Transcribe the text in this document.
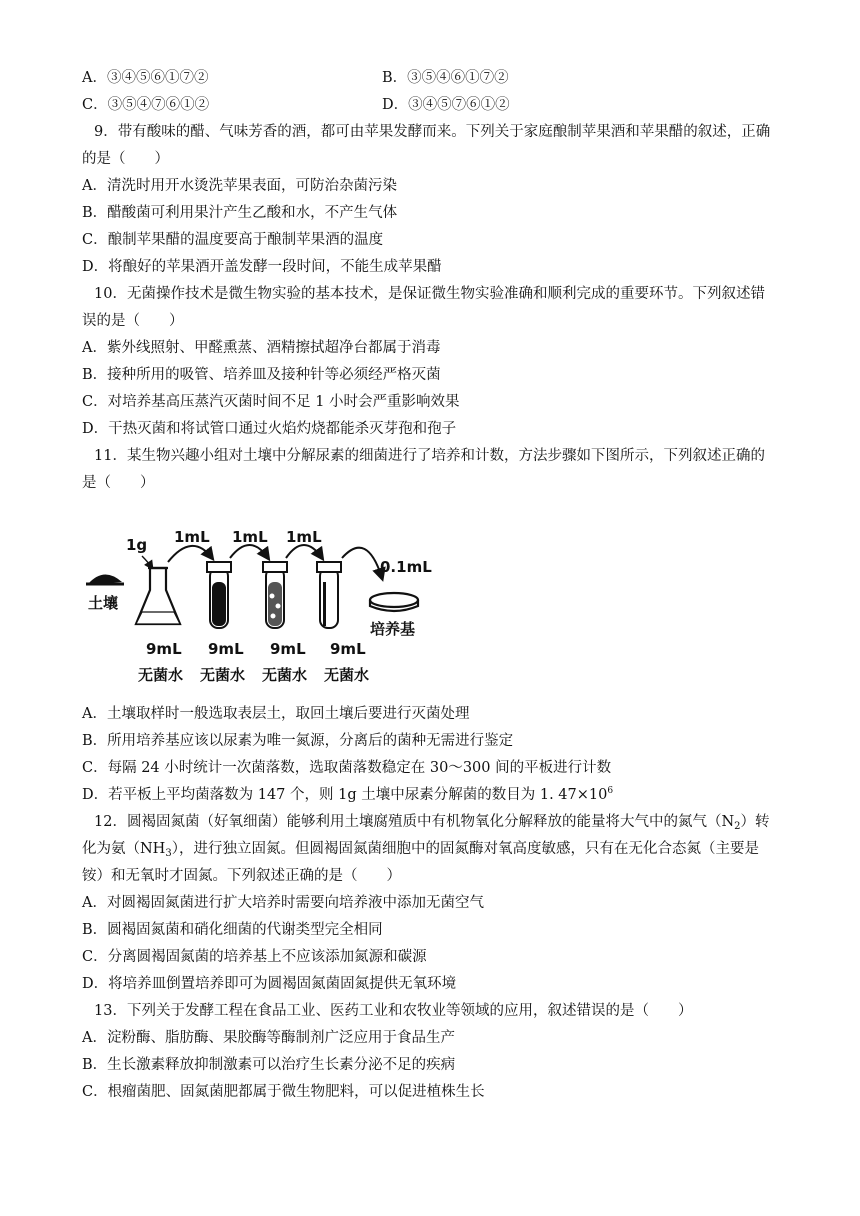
A．③④⑤⑥①⑦②	B．③⑤④⑥①⑦②
C．③⑤④⑦⑥①②	D．③④⑤⑦⑥①②
9．带有酸味的醋、气味芳香的酒，都可由苹果发酵而来。下列关于家庭酿制苹果酒和苹果醋的叙述，正确
的是（　　）
A．清洗时用开水烫洗苹果表面，可防治杂菌污染
B．醋酸菌可利用果汁产生乙酸和水，不产生气体
C．酿制苹果醋的温度要高于酿制苹果酒的温度
D．将酿好的苹果酒开盖发酵一段时间，不能生成苹果醋
10．无菌操作技术是微生物实验的基本技术，是保证微生物实验准确和顺利完成的重要环节。下列叙述错
误的是（　　）
A．紫外线照射、甲醛熏蒸、酒精擦拭超净台都属于消毒
B．接种所用的吸管、培养皿及接种针等必须经严格灭菌
C．对培养基高压蒸汽灭菌时间不足 1 小时会严重影响效果
D．干热灭菌和将试管口通过火焰灼烧都能杀灭芽孢和孢子
11．某生物兴趣小组对土壤中分解尿素的细菌进行了培养和计数，方法步骤如下图所示，下列叙述正确的
是（　　）
土壤
1g 1mL 1mL 1mL
0.1mL
培养基
9mL 9mL 9mL 9mL
无菌水 无菌水 无菌水 无菌水
A．土壤取样时一般选取表层土，取回土壤后要进行灭菌处理
B．所用培养基应该以尿素为唯一氮源，分离后的菌种无需进行鉴定
C．每隔 24 小时统计一次菌落数，选取菌落数稳定在 30～300 间的平板进行计数
D．若平板上平均菌落数为 147 个，则 1g 土壤中尿素分解菌的数目为 1. $47\times 10^6$
12．圆褐固氮菌（好氧细菌）能够利用土壤腐殖质中有机物氧化分解释放的能量将大气中的氮气$(N_2)$转
化为氨$(NH_3)$，进行独立固氮。但圆褐固氮菌细胞中的固氮酶对氧高度敏感，只有在无化合态氮（主要是
铵）和无氧时才固氮。下列叙述正确的是（　　）
A．对圆褐固氮菌进行扩大培养时需要向培养液中添加无菌空气
B．圆褐固氮菌和硝化细菌的代谢类型完全相同
C．分离圆褐固氮菌的培养基上不应该添加氮源和碳源
D．将培养皿倒置培养即可为圆褐固氮菌固氮提供无氧环境
13．下列关于发酵工程在食品工业、医药工业和农牧业等领域的应用，叙述错误的是（　　）
A．淀粉酶、脂肪酶、果胶酶等酶制剂广泛应用于食品生产
B．生长激素释放抑制激素可以治疗生长素分泌不足的疾病
C．根瘤菌肥、固氮菌肥都属于微生物肥料，可以促进植株生长
